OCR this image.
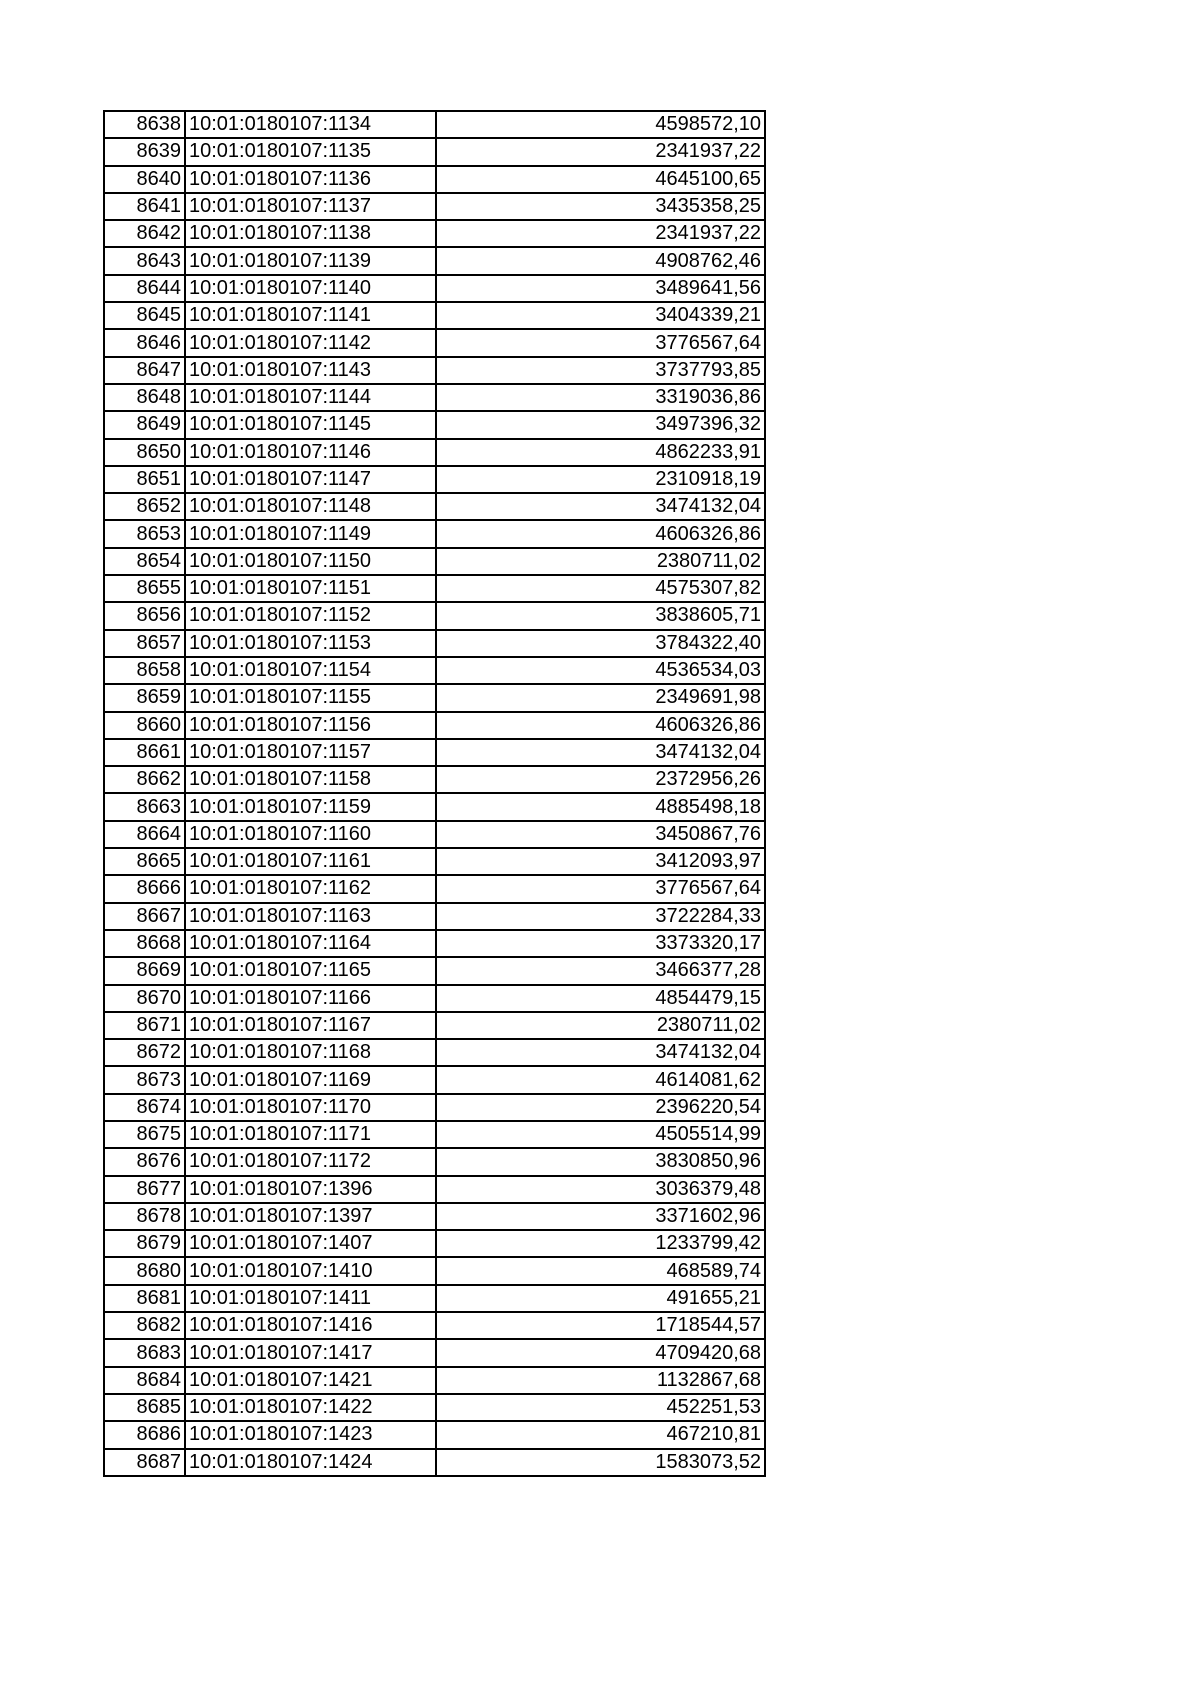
8638	10:01:0180107:1134	4598572,10
8639	10:01:0180107:1135	2341937,22
8640	10:01:0180107:1136	4645100,65
8641	10:01:0180107:1137	3435358,25
8642	10:01:0180107:1138	2341937,22
8643	10:01:0180107:1139	4908762,46
8644	10:01:0180107:1140	3489641,56
8645	10:01:0180107:1141	3404339,21
8646	10:01:0180107:1142	3776567,64
8647	10:01:0180107:1143	3737793,85
8648	10:01:0180107:1144	3319036,86
8649	10:01:0180107:1145	3497396,32
8650	10:01:0180107:1146	4862233,91
8651	10:01:0180107:1147	2310918,19
8652	10:01:0180107:1148	3474132,04
8653	10:01:0180107:1149	4606326,86
8654	10:01:0180107:1150	2380711,02
8655	10:01:0180107:1151	4575307,82
8656	10:01:0180107:1152	3838605,71
8657	10:01:0180107:1153	3784322,40
8658	10:01:0180107:1154	4536534,03
8659	10:01:0180107:1155	2349691,98
8660	10:01:0180107:1156	4606326,86
8661	10:01:0180107:1157	3474132,04
8662	10:01:0180107:1158	2372956,26
8663	10:01:0180107:1159	4885498,18
8664	10:01:0180107:1160	3450867,76
8665	10:01:0180107:1161	3412093,97
8666	10:01:0180107:1162	3776567,64
8667	10:01:0180107:1163	3722284,33
8668	10:01:0180107:1164	3373320,17
8669	10:01:0180107:1165	3466377,28
8670	10:01:0180107:1166	4854479,15
8671	10:01:0180107:1167	2380711,02
8672	10:01:0180107:1168	3474132,04
8673	10:01:0180107:1169	4614081,62
8674	10:01:0180107:1170	2396220,54
8675	10:01:0180107:1171	4505514,99
8676	10:01:0180107:1172	3830850,96
8677	10:01:0180107:1396	3036379,48
8678	10:01:0180107:1397	3371602,96
8679	10:01:0180107:1407	1233799,42
8680	10:01:0180107:1410	468589,74
8681	10:01:0180107:1411	491655,21
8682	10:01:0180107:1416	1718544,57
8683	10:01:0180107:1417	4709420,68
8684	10:01:0180107:1421	1132867,68
8685	10:01:0180107:1422	452251,53
8686	10:01:0180107:1423	467210,81
8687	10:01:0180107:1424	1583073,52
